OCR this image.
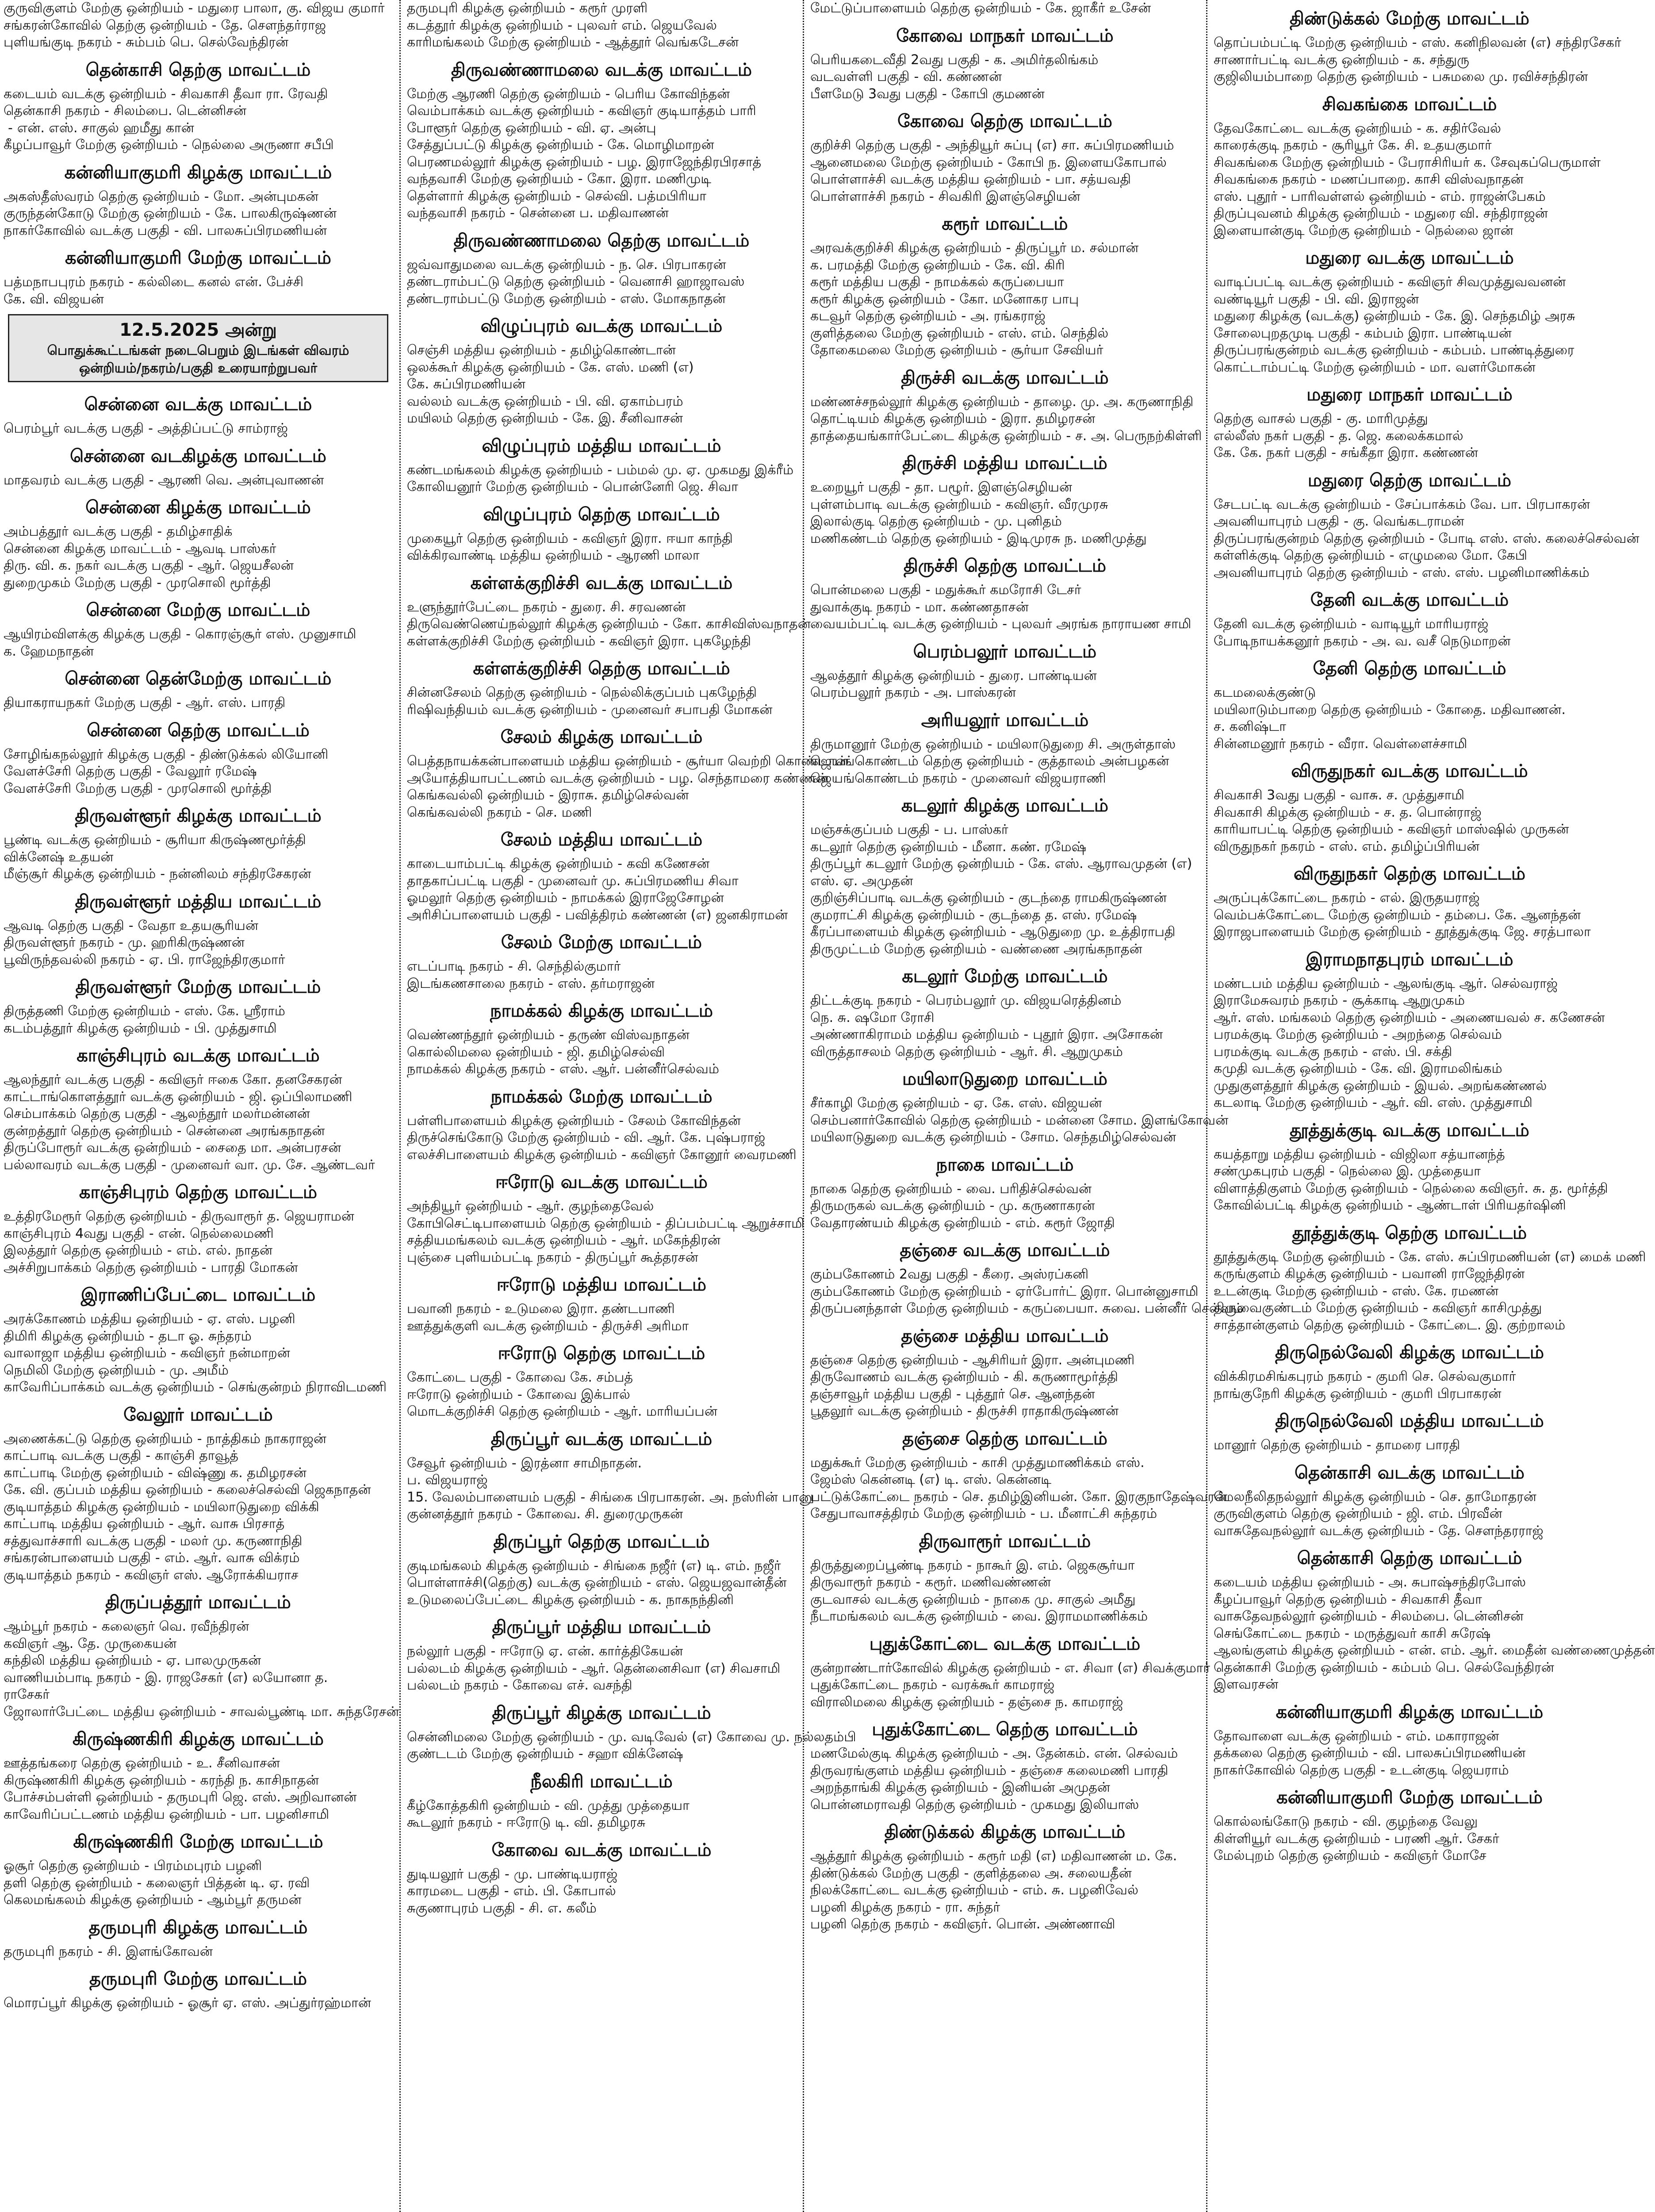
குருவிகுளம் மேற்கு ஒன்றியம் - மதுரை பாலா, கு. விஜய குமார்
சங்கரன்கோவில் தெற்கு ஒன்றியம் - தே. செளந்தர்ராஜ
புளியங்குடி நகரம் - சும்பம் பெ. செல்வேந்திரன்
தென்காசி தெற்கு மாவட்டம்
கடையம் வடக்கு ஒன்றியம் - சிவகாசி தீவா ரா. ரேவதி
தென்காசி நகரம் - சிலம்பை. டென்னிசன்
- என். எஸ். சாகுல் ஹமீது கான்
கீழப்பாவூர் மேற்கு ஒன்றியம் - நெல்லை அருணா சபீபி
கன்னியாகுமரி கிழக்கு மாவட்டம்
அகஸ்தீஸ்வரம் தெற்கு ஒன்றியம் - மோ. அன்புமகன்
குருந்தன்கோடு மேற்கு ஒன்றியம் - கே. பாலகிருஷ்ணன்
நாகர்கோவில் வடக்கு பகுதி - வி. பாலசுப்பிரமணியன்
கன்னியாகுமரி மேற்கு மாவட்டம்
பத்மநாபபுரம் நகரம் - கல்லிடை கனல் என். பேச்சி
கே. வி. விஜயன்
12.5.2025 அன்று
பொதுக்கூட்டங்கள் நடைபெறும் இடங்கள் விவரம்
ஒன்றியம்/நகரம்/பகுதி உரையாற்றுபவர்
சென்னை வடக்கு மாவட்டம்
பெரம்பூர் வடக்கு பகுதி - அத்திப்பட்டு சாம்ராஜ்
சென்னை வடகிழக்கு மாவட்டம்
மாதவரம் வடக்கு பகுதி - ஆரணி வெ. அன்புவாணன்
சென்னை கிழக்கு மாவட்டம்
அம்பத்தூர் வடக்கு பகுதி - தமிழ்சாதிக்
சென்னை கிழக்கு மாவட்டம் - ஆவடி பாஸ்கர்
திரு. வி. க. நகர் வடக்கு பகுதி - ஆர். ஜெயசீலன்
துறைமுகம் மேற்கு பகுதி - முரசொலி மூர்த்தி
சென்னை மேற்கு மாவட்டம்
ஆயிரம்விளக்கு கிழக்கு பகுதி - கொரஞ்சூர் எஸ். முனுசாமி
க. ஹேமநாதன்
சென்னை தென்மேற்கு மாவட்டம்
தியாகராயநகர் மேற்கு பகுதி - ஆர். எஸ். பாரதி
சென்னை தெற்கு மாவட்டம்
சோழிங்கநல்லூர் கிழக்கு பகுதி - திண்டுக்கல் லியோனி
வேளச்சேரி தெற்கு பகுதி - வேலூர் ரமேஷ்
வேளச்சேரி மேற்கு பகுதி - முரசொலி மூர்த்தி
திருவள்ளூர் கிழக்கு மாவட்டம்
பூண்டி வடக்கு ஒன்றியம் - சூரியா கிருஷ்ணமூர்த்தி
விக்னேஷ் உதயன்
மீஞ்சூர் கிழக்கு ஒன்றியம் - நன்னிலம் சந்திரசேகரன்
திருவள்ளூர் மத்திய மாவட்டம்
ஆவடி தெற்கு பகுதி - வேதா உதயசூரியன்
திருவள்ளூர் நகரம் - மு. ஹரிகிருஷ்ணன்
பூவிருந்தவல்லி நகரம் - ஏ. பி. ராஜேந்திரகுமார்
திருவள்ளூர் மேற்கு மாவட்டம்
திருத்தணி மேற்கு ஒன்றியம் - எஸ். கே. ஸ்ரீராம்
கடம்பத்தூர் கிழக்கு ஒன்றியம் - பி. முத்துசாமி
காஞ்சிபுரம் வடக்கு மாவட்டம்
ஆலந்தூர் வடக்கு பகுதி - கவிஞர் ஈகை கோ. தனசேகரன்
காட்டாங்கொளத்தூர் வடக்கு ஒன்றியம் - ஜி. ஒப்பிலாமணி
செம்பாக்கம் தெற்கு பகுதி - ஆலந்தூர் மலர்மன்னன்
குன்றத்தூர் தெற்கு ஒன்றியம் - சென்னை அரங்கநாதன்
திருப்போரூர் வடக்கு ஒன்றியம் - சைதை மா. அன்பரசன்
பல்லாவரம் வடக்கு பகுதி - முனைவர் வா. மு. சே. ஆண்டவர்
காஞ்சிபுரம் தெற்கு மாவட்டம்
உத்திரமேரூர் தெற்கு ஒன்றியம் - திருவாரூர் த. ஜெயராமன்
காஞ்சிபுரம் 4வது பகுதி - என். நெல்லைமணி
இலத்தூர் தெற்கு ஒன்றியம் - எம். எல். நாதன்
அச்சிறுபாக்கம் தெற்கு ஒன்றியம் - பாரதி மோகன்
இராணிப்பேட்டை மாவட்டம்
அரக்கோணம் மத்திய ஒன்றியம் - ஏ. எஸ். பழனி
திமிரி கிழக்கு ஒன்றியம் - தடா ஓ. சுந்தரம்
வாலாஜா மத்திய ஒன்றியம் - கவிஞர் நன்மாறன்
நெமிலி மேற்கு ஒன்றியம் - மு. அமீம்
காவேரிப்பாக்கம் வடக்கு ஒன்றியம் - செங்குன்றம் நிராவிடமணி
வேலூர் மாவட்டம்
அணைக்கட்டு தெற்கு ஒன்றியம் - நாத்திகம் நாகராஜன்
காட்பாடி வடக்கு பகுதி - காஞ்சி தாவூத்
காட்பாடி மேற்கு ஒன்றியம் - விஷ்ணு க. தமிழரசன்
கே. வி. குப்பம் மத்திய ஒன்றியம் - கலைச்செல்வி ஜெகநாதன்
குடியாத்தம் கிழக்கு ஒன்றியம் - மயிலாடுதுறை விக்கி
காட்பாடி மத்திய ஒன்றியம் - ஆர். வாசு பிரசாத்
சத்துவாச்சாரி வடக்கு பகுதி - மலர் மு. கருணாநிதி
சங்கரன்பாளையம் பகுதி - எம். ஆர். வாசு விக்ரம்
குடியாத்தம் நகரம் - கவிஞர் எஸ். ஆரோக்கியராச
திருப்பத்தூர் மாவட்டம்
ஆம்பூர் நகரம் - கலைஞர் வெ. ரவீந்திரன்
கவிஞர் ஆ. தே. முருகையன்
கந்திலி மத்திய ஒன்றியம் - ஏ. பாலமுருகன்
வாணியம்பாடி நகரம் - இ. ராஜசேகர் (எ) லயோனா த.
ராசேகர்
ஜோலார்பேட்டை மத்திய ஒன்றியம் - சாவல்பூண்டி மா. சுந்தரேசன்
கிருஷ்ணகிரி கிழக்கு மாவட்டம்
ஊத்தங்கரை தெற்கு ஒன்றியம் - உ. சீனிவாசன்
கிருஷ்ணகிரி கிழக்கு ஒன்றியம் - கரந்தி ந. காசிநாதன்
போச்சம்பள்ளி ஒன்றியம் - தருமபுரி ஜெ. எஸ். அறிவானன்
காவேரிப்பட்டணம் மத்திய ஒன்றியம் - பா. பழனிசாமி
கிருஷ்ணகிரி மேற்கு மாவட்டம்
ஓசூர் தெற்கு ஒன்றியம் - பிரம்மபுரம் பழனி
தளி தெற்கு ஒன்றியம் - கலைஞர் பித்தன் டி. ஏ. ரவி
கெலமங்கலம் கிழக்கு ஒன்றியம் - ஆம்பூர் தருமன்
தருமபுரி கிழக்கு மாவட்டம்
தருமபுரி நகரம் - சி. இளங்கோவன்
தருமபுரி மேற்கு மாவட்டம்
மொரப்பூர் கிழக்கு ஒன்றியம் - ஓசூர் ஏ. எஸ். அப்துர்ரஹ்மான்
தருமபுரி கிழக்கு ஒன்றியம் - கரூர் முரளி
கடத்தூர் கிழக்கு ஒன்றியம் - புலவர் எம். ஜெயவேல்
காரிமங்கலம் மேற்கு ஒன்றியம் - ஆத்தூர் வெங்கடேசன்
திருவண்ணாமலை வடக்கு மாவட்டம்
மேற்கு ஆரணி தெற்கு ஒன்றியம் - பெரிய கோவிந்தன்
வெம்பாக்கம் வடக்கு ஒன்றியம் - கவிஞர் குடியாத்தம் பாரி
போளூர் தெற்கு ஒன்றியம் - வி. ஏ. அன்பு
சேத்துப்பட்டு கிழக்கு ஒன்றியம் - கே. மொழிமாறன்
பெரணமல்லூர் கிழக்கு ஒன்றியம் - பழ. இராஜேந்திரபிரசாத்
வந்தவாசி மேற்கு ஒன்றியம் - கோ. இரா. மணிமுடி
தெள்ளார் கிழக்கு ஒன்றியம் - செல்வி. பத்மபிரியா
வந்தவாசி நகரம் - சென்னை ப. மதிவாணன்
திருவண்ணாமலை தெற்கு மாவட்டம்
ஜவ்வாதுமலை வடக்கு ஒன்றியம் - ந. செ. பிரபாகரன்
தண்டராம்பட்டு தெற்கு ஒன்றியம் - வெனாசி ஹாஜாவஸ்
தண்டராம்பட்டு மேற்கு ஒன்றியம் - எஸ். மோகநாதன்
விழுப்புரம் வடக்கு மாவட்டம்
செஞ்சி மத்திய ஒன்றியம் - தமிழ்கொண்டான்
ஒலக்கூர் கிழக்கு ஒன்றியம் - கே. எஸ். மணி (எ)
கே. சுப்பிரமணியன்
வல்லம் வடக்கு ஒன்றியம் - பி. வி. ஏகாம்பரம்
மயிலம் தெற்கு ஒன்றியம் - கே. இ. சீனிவாசன்
விழுப்புரம் மத்திய மாவட்டம்
கண்டமங்கலம் கிழக்கு ஒன்றியம் - பம்மல் மு. ஏ. முகமது இக்ரீம்
கோலியனூர் மேற்கு ஒன்றியம் - பொன்னேரி ஜெ. சிவா
விழுப்புரம் தெற்கு மாவட்டம்
முகையூர் தெற்கு ஒன்றியம் - கவிஞர் இரா. ஈயா காந்தி
விக்கிரவாண்டி மத்திய ஒன்றியம் - ஆரணி மாலா
கள்ளக்குறிச்சி வடக்கு மாவட்டம்
உளுந்தூர்பேட்டை நகரம் - துரை. சி. சரவணன்
திருவெண்ணெய்நல்லூர் கிழக்கு ஒன்றியம் - கோ. காசிவிஸ்வநாதன்
கள்ளக்குறிச்சி மேற்கு ஒன்றியம் - கவிஞர் இரா. புகழேந்தி
கள்ளக்குறிச்சி தெற்கு மாவட்டம்
சின்னசேலம் தெற்கு ஒன்றியம் - நெல்லிக்குப்பம் புகழேந்தி
ரிஷிவந்தியம் வடக்கு ஒன்றியம் - முனைவர் சபாபதி மோகன்
சேலம் கிழக்கு மாவட்டம்
பெத்தநாயக்கன்பாளையம் மத்திய ஒன்றியம் - சூர்யா வெற்றி கொண்டான்
அயோத்தியாபட்டணம் வடக்கு ஒன்றியம் - பழ. செந்தாமரை கண்ணன்
கெங்கவல்லி ஒன்றியம் - இராசு. தமிழ்செல்வன்
கெங்கவல்லி நகரம் - செ. மணி
சேலம் மத்திய மாவட்டம்
காடையாம்பட்டி கிழக்கு ஒன்றியம் - கவி கணேசன்
தாதகாப்பட்டி பகுதி - முனைவர் மு. சுப்பிரமணிய சிவா
ஓமலூர் தெற்கு ஒன்றியம் - நாமக்கல் இராஜேசோழன்
அரிசிப்பாளையம் பகுதி - பவித்திரம் கண்ணன் (எ) ஜனகிராமன்
சேலம் மேற்கு மாவட்டம்
எடப்பாடி நகரம் - சி. செந்தில்குமார்
இடங்கணசாலை நகரம் - எஸ். தர்மராஜன்
நாமக்கல் கிழக்கு மாவட்டம்
வெண்ணந்தூர் ஒன்றியம் - தருண் விஸ்வநாதன்
கொல்லிமலை ஒன்றியம் - ஜி. தமிழ்செல்வி
நாமக்கல் கிழக்கு நகரம் - எஸ். ஆர். பன்னீர்செல்வம்
நாமக்கல் மேற்கு மாவட்டம்
பள்ளிபாளையம் கிழக்கு ஒன்றியம் - சேலம் கோவிந்தன்
திருச்செங்கோடு மேற்கு ஒன்றியம் - வி. ஆர். கே. புஷ்பராஜ்
எலச்சிபாளையம் கிழக்கு ஒன்றியம் - கவிஞர் கோனூர் வைரமணி
ஈரோடு வடக்கு மாவட்டம்
அந்தியூர் ஒன்றியம் - ஆர். குழந்தைவேல்
கோபிசெட்டிபாளையம் தெற்கு ஒன்றியம் - திப்பம்பட்டி ஆறுச்சாமி
சத்தியமங்கலம் வடக்கு ஒன்றியம் - ஆர். மகேந்திரன்
புஞ்சை புளியம்பட்டி நகரம் - திருப்பூர் கூத்தரசன்
ஈரோடு மத்திய மாவட்டம்
பவானி நகரம் - உடுமலை இரா. தண்டபாணி
ஊத்துக்குளி வடக்கு ஒன்றியம் - திருச்சி அரிமா
ஈரோடு தெற்கு மாவட்டம்
கோட்டை பகுதி - கோவை கே. சம்பத்
ஈரோடு ஒன்றியம் - கோவை இக்பால்
மொடக்குறிச்சி தெற்கு ஒன்றியம் - ஆர். மாரியப்பன்
திருப்பூர் வடக்கு மாவட்டம்
சேவூர் ஒன்றியம் - இரத்னா சாமிநாதன்.
ப. விஜயராஜ்
15. வேலம்பாளையம் பகுதி - சிங்கை பிரபாகரன். அ. நஸ்ரின் பானு
குன்னத்தூர் நகரம் - கோவை. சி. துரைமுருகன்
திருப்பூர் தெற்கு மாவட்டம்
குடிமங்கலம் கிழக்கு ஒன்றியம் - சிங்கை நஜீர் (எ) டி. எம். நஜீர்
பொள்ளாச்சி(தெற்கு) வடக்கு ஒன்றியம் - எஸ். ஜெயஜவான்தீன்
உடுமலைப்பேட்டை கிழக்கு ஒன்றியம் - க. நாகநந்தினி
திருப்பூர் மத்திய மாவட்டம்
நல்லூர் பகுதி - ஈரோடு ஏ. என். கார்த்திகேயன்
பல்லடம் கிழக்கு ஒன்றியம் - ஆர். தென்னைசிவா (எ) சிவசாமி
பல்லடம் நகரம் - கோவை எச். வசந்தி
திருப்பூர் கிழக்கு மாவட்டம்
சென்னிமலை மேற்கு ஒன்றியம் - மு. வடிவேல் (எ) கோவை மு. நல்லதம்பி
குண்டடம் மேற்கு ஒன்றியம் - சஹா விக்னேஷ்
நீலகிரி மாவட்டம்
கீழ்கோத்தகிரி ஒன்றியம் - வி. முத்து முத்தையா
கூடலூர் நகரம் - ஈரோடு டி. வி. தமிழரசு
கோவை வடக்கு மாவட்டம்
துடியலூர் பகுதி - மு. பாண்டியராஜ்
காரமடை பகுதி - எம். பி. கோபால்
சுகுணாபுரம் பகுதி - சி. எ. கலீம்
மேட்டுப்பாளையம் தெற்கு ஒன்றியம் - கே. ஜாகீர் உசேன்
கோவை மாநகர் மாவட்டம்
பெரியகடைவீதி 2வது பகுதி - க. அமிர்தலிங்கம்
வடவள்ளி பகுதி - வி. கண்ணன்
பீளமேடு 3வது பகுதி - கோபி குமணன்
கோவை தெற்கு மாவட்டம்
குறிச்சி தெற்கு பகுதி - அந்தியூர் சுப்பு (எ) சா. சுப்பிரமணியம்
ஆனைமலை மேற்கு ஒன்றியம் - கோபி ந. இளையகோபால்
பொள்ளாச்சி வடக்கு மத்திய ஒன்றியம் - பா. சத்யவதி
பொள்ளாச்சி நகரம் - சிவகிரி இளஞ்செழியன்
கரூர் மாவட்டம்
அரவக்குறிச்சி கிழக்கு ஒன்றியம் - திருப்பூர் ம. சல்மான்
க. பரமத்தி மேற்கு ஒன்றியம் - கே. வி. கிரி
கரூர் மத்திய பகுதி - நாமக்கல் கருப்பையா
கரூர் கிழக்கு ஒன்றியம் - கோ. மனோகர பாபு
கடவூர் தெற்கு ஒன்றியம் - அ. ரங்கராஜ்
குளித்தலை மேற்கு ஒன்றியம் - எஸ். எம். செந்தில்
தோகைமலை மேற்கு ஒன்றியம் - சூர்யா சேவியர்
திருச்சி வடக்கு மாவட்டம்
மண்ணச்சநல்லூர் கிழக்கு ஒன்றியம் - தாழை. மு. அ. கருணாநிதி
தொட்டியம் கிழக்கு ஒன்றியம் - இரா. தமிழரசன்
தாத்தையங்கார்பேட்டை கிழக்கு ஒன்றியம் - ச. அ. பெருநற்கிள்ளி
திருச்சி மத்திய மாவட்டம்
உறையூர் பகுதி - தா. பழூர். இளஞ்செழியன்
புள்ளம்பாடி வடக்கு ஒன்றியம் - கவிஞர். வீரமுரசு
இலால்குடி தெற்கு ஒன்றியம் - மு. புனிதம்
மணிகண்டம் தெற்கு ஒன்றியம் - இடிமுரசு ந. மணிமுத்து
திருச்சி தெற்கு மாவட்டம்
பொன்மலை பகுதி - மதுக்கூர் கமரோசி டேசர்
துவாக்குடி நகரம் - மா. கண்ணதாசன்
வையம்பட்டி வடக்கு ஒன்றியம் - புலவர் அரங்க நாராயண சாமி
பெரம்பலூர் மாவட்டம்
ஆலத்தூர் கிழக்கு ஒன்றியம் - துரை. பாண்டியன்
பெரம்பலூர் நகரம் - அ. பாஸ்கரன்
அரியலூர் மாவட்டம்
திருமானூர் மேற்கு ஒன்றியம் - மயிலாடுதுறை சி. அருள்தாஸ்
ஜெயங்கொண்டம் தெற்கு ஒன்றியம் - குத்தாலம் அன்பழகன்
ஜெயங்கொண்டம் நகரம் - முனைவர் விஜயராணி
கடலூர் கிழக்கு மாவட்டம்
மஞ்சக்குப்பம் பகுதி - ப. பாஸ்கர்
கடலூர் தெற்கு ஒன்றியம் - மீனா. கண். ரமேஷ்
திருப்பூர் கடலூர் மேற்கு ஒன்றியம் - கே. எஸ். ஆராவமுதன் (எ)
எஸ். ஏ. அமுதன்
குறிஞ்சிப்பாடி வடக்கு ஒன்றியம் - குடந்தை ராமகிருஷ்ணன்
குமராட்சி கிழக்கு ஒன்றியம் - குடந்தை த. எஸ். ரமேஷ்
கீரப்பாளையம் கிழக்கு ஒன்றியம் - ஆடுதுறை மு. உத்திராபதி
திருமுட்டம் மேற்கு ஒன்றியம் - வண்ணை அரங்கநாதன்
கடலூர் மேற்கு மாவட்டம்
திட்டக்குடி நகரம் - பெரம்பலூர் மு. விஜயரெத்தினம்
நெ. சு. ஷமோ ரோசி
அண்ணாகிராமம் மத்திய ஒன்றியம் - புதூர் இரா. அசோகன்
விருத்தாசலம் தெற்கு ஒன்றியம் - ஆர். சி. ஆறுமுகம்
மயிலாடுதுறை மாவட்டம்
சீர்காழி மேற்கு ஒன்றியம் - ஏ. கே. எஸ். விஜயன்
செம்பனார்கோவில் தெற்கு ஒன்றியம் - மன்னை சோம. இளங்கோவன்
மயிலாடுதுறை வடக்கு ஒன்றியம் - சோம. செந்தமிழ்செல்வன்
நாகை மாவட்டம்
நாகை தெற்கு ஒன்றியம் - வை. பரிதிச்செல்வன்
திருமருகல் வடக்கு ஒன்றியம் - மு. கருணாகரன்
வேதாரண்யம் கிழக்கு ஒன்றியம் - எம். கரூர் ஜோதி
தஞ்சை வடக்கு மாவட்டம்
கும்பகோணம் 2வது பகுதி - கீரை. அஸ்ரப்கனி
கும்பகோணம் மேற்கு ஒன்றியம் - ஏர்போர்ட் இரா. பொன்னுசாமி
திருப்பனந்தாள் மேற்கு ஒன்றியம் - கருப்பையா. சுவை. பன்னீர் செல்வம்
தஞ்சை மத்திய மாவட்டம்
தஞ்சை தெற்கு ஒன்றியம் - ஆசிரியர் இரா. அன்புமணி
திருவோணம் வடக்கு ஒன்றியம் - கி. கருணாமூர்த்தி
தஞ்சாவூர் மத்திய பகுதி - புத்தூர் செ. ஆனந்தன்
பூதலூர் வடக்கு ஒன்றியம் - திருச்சி ராதாகிருஷ்ணன்
தஞ்சை தெற்கு மாவட்டம்
மதுக்கூர் மேற்கு ஒன்றியம் - காசி முத்துமாணிக்கம் எஸ்.
ஜேம்ஸ் கென்னடி (எ) டி. எஸ். கென்னடி
பட்டுக்கோட்டை நகரம் - செ. தமிழ்இனியன். கோ. இரகுநாதேஷ்வரன்
சேதுபாவாசத்திரம் மேற்கு ஒன்றியம் - ப. மீனாட்சி சுந்தரம்
திருவாரூர் மாவட்டம்
திருத்துறைப்பூண்டி நகரம் - நாகூர் இ. எம். ஜெகசூர்யா
திருவாரூர் நகரம் - கரூர். மணிவண்ணன்
குடவாசல் வடக்கு ஒன்றியம் - நாகை மு. சாகுல் அமீது
நீடாமங்கலம் வடக்கு ஒன்றியம் - வை. இராமமாணிக்கம்
புதுக்கோட்டை வடக்கு மாவட்டம்
குன்றாண்டார்கோவில் கிழக்கு ஒன்றியம் - எ. சிவா (எ) சிவக்குமார்
புதுக்கோட்டை நகரம் - வரக்கூர் காமராஜ்
விராலிமலை கிழக்கு ஒன்றியம் - தஞ்சை ந. காமராஜ்
புதுக்கோட்டை தெற்கு மாவட்டம்
மணமேல்குடி கிழக்கு ஒன்றியம் - அ. தேன்கம். என். செல்வம்
திருவரங்குளம் மத்திய ஒன்றியம் - தஞ்சை கலைமணி பாரதி
அறந்தாங்கி கிழக்கு ஒன்றியம் - இனியன் அமுதன்
பொன்னமராவதி தெற்கு ஒன்றியம் - முகமது இலியாஸ்
திண்டுக்கல் கிழக்கு மாவட்டம்
ஆத்தூர் கிழக்கு ஒன்றியம் - கரூர் மதி (எ) மதிவாணன் ம. கே.
திண்டுக்கல் மேற்கு பகுதி - குளித்தலை அ. சலையதீன்
நிலக்கோட்டை வடக்கு ஒன்றியம் - எம். சு. பழனிவேல்
பழனி கிழக்கு நகரம் - ரா. சுந்தர்
பழனி தெற்கு நகரம் - கவிஞர். பொன். அண்ணாவி
திண்டுக்கல் மேற்கு மாவட்டம்
தொப்பம்பட்டி மேற்கு ஒன்றியம் - எஸ். கனிநிலவன் (எ) சந்திரசேகர்
சாணார்பட்டி வடக்கு ஒன்றியம் - க. சந்துரு
குஜிலியம்பாறை தெற்கு ஒன்றியம் - பசுமலை மு. ரவிச்சந்திரன்
சிவகங்கை மாவட்டம்
தேவகோட்டை வடக்கு ஒன்றியம் - க. சதிர்வேல்
காரைக்குடி நகரம் - சூரியூர் கே. சி. உதயகுமார்
சிவகங்கை மேற்கு ஒன்றியம் - பேராசிரியர் க. சேவுகப்பெருமாள்
சிவகங்கை நகரம் - மணப்பாறை. காசி விஸ்வநாதன்
எஸ். புதூர் - பாரிவள்ளல் ஒன்றியம் - எம். ராஜன்பேகம்
திருப்புவனம் கிழக்கு ஒன்றியம் - மதுரை வி. சந்திராஜன்
இளையான்குடி மேற்கு ஒன்றியம் - நெல்லை ஜான்
மதுரை வடக்கு மாவட்டம்
வாடிப்பட்டி வடக்கு ஒன்றியம் - கவிஞர் சிவமுத்துவவனன்
வண்டியூர் பகுதி - பி. வி. இராஜன்
மதுரை கிழக்கு (வடக்கு) ஒன்றியம் - கே. இ. செந்தமிழ் அரசு
சோலைபுறதமுடி பகுதி - கம்பம் இரா. பாண்டியன்
திருப்பரங்குன்றம் வடக்கு ஒன்றியம் - கம்பம். பாண்டித்துரை
கொட்டாம்பட்டி மேற்கு ஒன்றியம் - மா. வளர்மோகன்
மதுரை மாநகர் மாவட்டம்
தெற்கு வாசல் பகுதி - கு. மாரிமுத்து
எல்லீஸ் நகர் பகுதி - த. ஜெ. கலைக்கமால்
கே. கே. நகர் பகுதி - சங்கீதா இரா. கண்ணன்
மதுரை தெற்கு மாவட்டம்
சேடபட்டி வடக்கு ஒன்றியம் - சேப்பாக்கம் வே. பா. பிரபாகரன்
அவனியாபுரம் பகுதி - கு. வெங்கடராமன்
திருப்பரங்குன்றம் தெற்கு ஒன்றியம் - போடி எஸ். எஸ். கலைச்செல்வன்
கள்ளிக்குடி தெற்கு ஒன்றியம் - எழுமலை மோ. கேபி
அவனியாபுரம் தெற்கு ஒன்றியம் - எஸ். எஸ். பழனிமாணிக்கம்
தேனி வடக்கு மாவட்டம்
தேனி வடக்கு ஒன்றியம் - வாடியூர் மாரியராஜ்
போடிநாயக்கனூர் நகரம் - அ. வ. வசீ நெடுமாறன்
தேனி தெற்கு மாவட்டம்
கடமலைக்குண்டு
மயிலாடும்பாறை தெற்கு ஒன்றியம் - கோதை. மதிவாணன்.
ச. கனிஷ்டா
சின்னமனூர் நகரம் - வீரா. வெள்ளைச்சாமி
விருதுநகர் வடக்கு மாவட்டம்
சிவகாசி 3வது பகுதி - வாசு. ச. முத்துசாமி
சிவகாசி கிழக்கு ஒன்றியம் - ச. த. பொன்ராஜ்
காரியாபட்டி தெற்கு ஒன்றியம் - கவிஞர் மாஸ்ஷில் முருகன்
விருதுநகர் நகரம் - எஸ். எம். தமிழ்ப்பிரியன்
விருதுநகர் தெற்கு மாவட்டம்
அருப்புக்கோட்டை நகரம் - எல். இருதயராஜ்
வெம்பக்கோட்டை மேற்கு ஒன்றியம் - தம்பை. கே. ஆனந்தன்
இராஜபாளையம் மேற்கு ஒன்றியம் - தூத்துக்குடி ஜே. சரத்பாலா
இராமநாதபுரம் மாவட்டம்
மண்டபம் மத்திய ஒன்றியம் - ஆலங்குடி ஆர். செல்வராஜ்
இராமேசுவரம் நகரம் - சூக்காடி ஆறுமுகம்
ஆர். எஸ். மங்கலம் தெற்கு ஒன்றியம் - அணையவல் ச. கணேசன்
பரமக்குடி மேற்கு ஒன்றியம் - அறந்தை செல்வம்
பரமக்குடி வடக்கு நகரம் - எஸ். பி. சக்தி
கமுதி வடக்கு ஒன்றியம் - கே. வி. இராமலிங்கம்
முதுகுளத்தூர் கிழக்கு ஒன்றியம் - இயல். அறங்கண்ணல்
கடலாடி மேற்கு ஒன்றியம் - ஆர். வி. எஸ். முத்துசாமி
தூத்துக்குடி வடக்கு மாவட்டம்
கயத்தாறு மத்திய ஒன்றியம் - விஜிலா சத்யானந்த்
சண்முகபுரம் பகுதி - நெல்லை இ. முத்தையா
விளாத்திகுளம் மேற்கு ஒன்றியம் - நெல்லை கவிஞர். சு. த. மூர்த்தி
கோவில்பட்டி கிழக்கு ஒன்றியம் - ஆண்டாள் பிரியதர்ஷினி
தூத்துக்குடி தெற்கு மாவட்டம்
தூத்துக்குடி மேற்கு ஒன்றியம் - கே. எஸ். சுப்பிரமணியன் (எ) மைக் மணி
கருங்குளம் கிழக்கு ஒன்றியம் - பவானி ராஜேந்திரன்
உடன்குடி மேற்கு ஒன்றியம் - எஸ். கே. ரமணன்
திருவைகுண்டம் மேற்கு ஒன்றியம் - கவிஞர் காசிமுத்து
சாத்தான்குளம் தெற்கு ஒன்றியம் - கோட்டை. இ. குற்றாலம்
திருநெல்வேலி கிழக்கு மாவட்டம்
விக்கிரமசிங்கபுரம் நகரம் - குமரி செ. செல்வகுமார்
நாங்குநேரி கிழக்கு ஒன்றியம் - குமரி பிரபாகரன்
திருநெல்வேலி மத்திய மாவட்டம்
மானூர் தெற்கு ஒன்றியம் - தாமரை பாரதி
தென்காசி வடக்கு மாவட்டம்
மேலநீலிதநல்லூர் கிழக்கு ஒன்றியம் - செ. தாமோதரன்
குருவிகுளம் தெற்கு ஒன்றியம் - ஜி. எம். பிரவீன்
வாசுதேவநல்லூர் வடக்கு ஒன்றியம் - தே. செளந்தரராஜ்
தென்காசி தெற்கு மாவட்டம்
கடையம் மத்திய ஒன்றியம் - அ. சுபாஷ்சந்திரபோஸ்
கீழப்பாவூர் தெற்கு ஒன்றியம் - சிவகாசி தீவா
வாசுதேவநல்லூர் ஒன்றியம் - சிலம்பை. டென்னிசன்
செங்கோட்டை நகரம் - மருத்துவர் காசி சுரேஷ்
ஆலங்குளம் கிழக்கு ஒன்றியம் - என். எம். ஆர். மைதீன் வண்ணைமுத்தன்
தென்காசி மேற்கு ஒன்றியம் - கம்பம் பெ. செல்வேந்திரன்
இளவரசன்
கன்னியாகுமரி கிழக்கு மாவட்டம்
தோவாளை வடக்கு ஒன்றியம் - எம். மகாராஜன்
தக்கலை தெற்கு ஒன்றியம் - வி. பாலசுப்பிரமணியன்
நாகர்கோவில் தெற்கு பகுதி - உடன்குடி ஜெயராம்
கன்னியாகுமரி மேற்கு மாவட்டம்
கொல்லங்கோடு நகரம் - வி. குழந்தை வேலு
கிள்ளியூர் வடக்கு ஒன்றியம் - பரணி ஆர். சேகர்
மேல்புறம் தெற்கு ஒன்றியம் - கவிஞர் மோசே
